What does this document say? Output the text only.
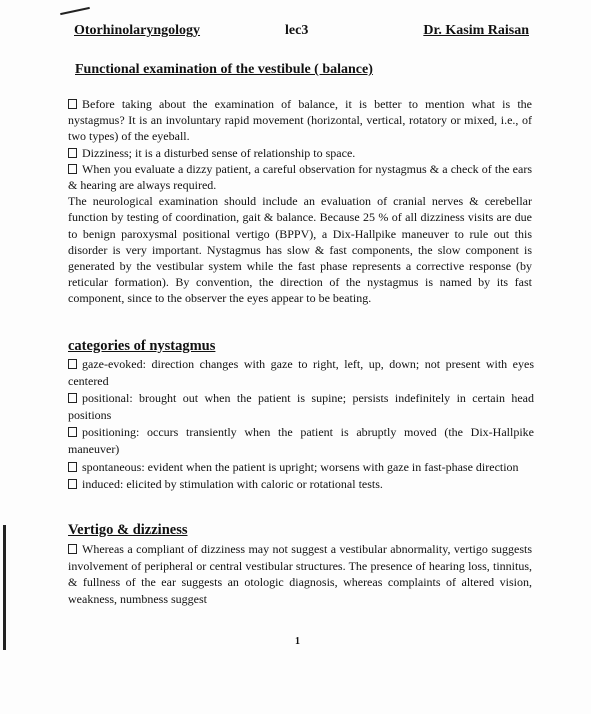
Otorhinolaryngology	lec3	Dr. Kasim Raisan
Functional examination of the vestibule ( balance)

Before taking about the examination of balance, it is better to mention what is the nystagmus? It is an involuntary rapid movement (horizontal, vertical, rotatory or mixed, i.e., of two types) of the eyeball.

Dizziness; it is a disturbed sense of relationship to space.

When you evaluate a dizzy patient, a careful observation for nystagmus & a check of the ears & hearing are always required.

The neurological examination should include an evaluation of cranial nerves & cerebellar function by testing of coordination, gait & balance. Because 25 % of all dizziness visits are due to benign paroxysmal positional vertigo (BPPV), a Dix-Hallpike maneuver to rule out this disorder is very important. Nystagmus has slow & fast components, the slow component is generated by the vestibular system while the fast phase represents a corrective response (by reticular formation). By convention, the direction of the nystagmus is named by its fast component, since to the observer the eyes appear to be beating.

categories of nystagmus
gaze-evoked: direction changes with gaze to right, left, up, down; not present with eyes centered
positional: brought out when the patient is supine; persists indefinitely in certain head positions
positioning: occurs transiently when the patient is abruptly moved (the Dix-Hallpike maneuver)
spontaneous: evident when the patient is upright; worsens with gaze in fast-phase direction
induced: elicited by stimulation with caloric or rotational tests.
Vertigo & dizziness
Whereas a compliant of dizziness may not suggest a vestibular abnormality, vertigo suggests involvement of peripheral or central vestibular structures. The presence of hearing loss, tinnitus, & fullness of the ear suggests an otologic diagnosis, whereas complaints of altered vision, weakness, numbness suggest
1
